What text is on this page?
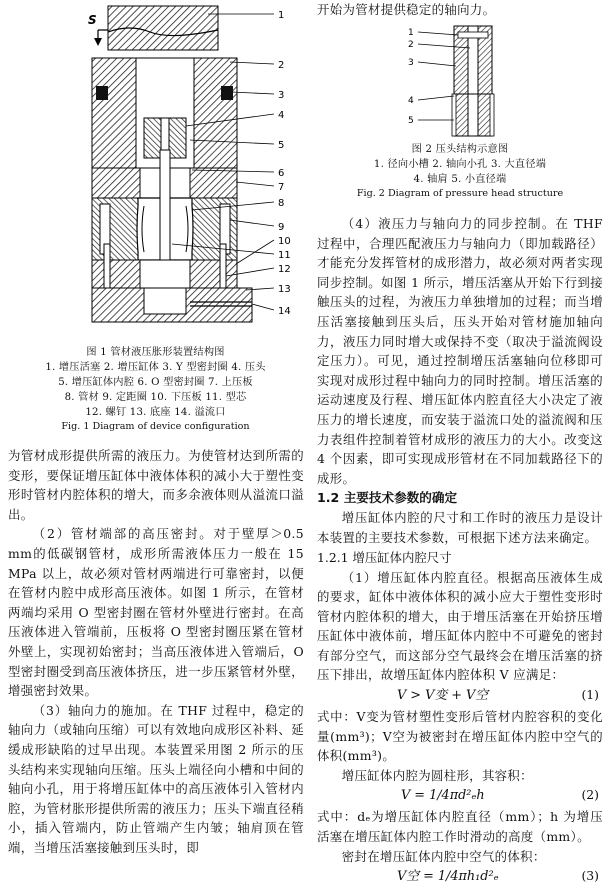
S	1
2
3
4
5
6
7
8
9
10
11
12
13
14

图 1 管材液压胀形装置结构图

1. 增压活塞 2. 增压缸体 3. Y 型密封圈 4. 压头

5. 增压缸体内腔 6. O 型密封圈 7. 上压板

8. 管材 9. 定距圈 10. 下压板 11. 型芯

12. 螺钉 13. 底座 14. 溢流口

Fig. 1 Diagram of device configuration

为管材成形提供所需的液压力。为使管材达到所需的变形，要保证增压缸体中液体体积的减小大于塑性变形时管材内腔体积的增大，而多余液体则从溢流口溢出。

（2）管材端部的高压密封。对于壁厚＞0.5 mm的低碳钢管材，成形所需液体压力一般在 15 MPa 以上，故必须对管材两端进行可靠密封，以便在管材内腔中成形高压液体。如图 1 所示，在管材两端均采用 O 型密封圈在管材外壁进行密封。在高压液体进入管端前，压板将 O 型密封圈压紧在管材外壁上，实现初始密封；当高压液体进入管端后，O 型密封圈受到高压液体挤压，进一步压紧管材外壁，增强密封效果。

（3）轴向力的施加。在 THF 过程中，稳定的轴向力（或轴向压缩）可以有效地向成形区补料、延缓成形缺陷的过早出现。本装置采用图 2 所示的压头结构来实现轴向压缩。压头上端径向小槽和中间的轴向小孔，用于将增压缸体中的高压液体引入管材内腔，为管材胀形提供所需的液压力；压头下端直径稍小，插入管端内，防止管端产生内皱；轴肩顶在管端，当增压活塞接触到压头时，即

开始为管材提供稳定的轴向力。

1
2
3
4
5

图 2 压头结构示意图

1. 径向小槽 2. 轴向小孔 3. 大直径端

4. 轴肩 5. 小直径端

Fig. 2 Diagram of pressure head structure

（4）液压力与轴向力的同步控制。在 THF 过程中，合理匹配液压力与轴向力（即加载路径）才能充分发挥管材的成形潜力，故必须对两者实现同步控制。如图 1 所示，增压活塞从开始下行到接触压头的过程，为液压力单独增加的过程；而当增压活塞接触到压头后，压头开始对管材施加轴向力，液压力同时增大或保持不变（取决于溢流阀设定压力）。可见，通过控制增压活塞轴向位移即可实现对成形过程中轴向力的同时控制。增压活塞的运动速度及行程、增压缸体内腔直径大小决定了液压力的增长速度，而安装于溢流口处的溢流阀和压力表组件控制着管材成形的液压力的大小。改变这 4 个因素，即可实现成形管材在不同加载路径下的成形。

1.2 主要技术参数的确定

增压缸体内腔的尺寸和工作时的液压力是设计本装置的主要技术参数，可根据下述方法来确定。

1.2.1 增压缸体内腔尺寸

（1）增压缸体内腔直径。根据高压液体生成的要求，缸体中液体体积的减小应大于塑性变形时管材内腔体积的增大，由于增压活塞在开始挤压增压缸体中液体前，增压缸体内腔中不可避免的密封有部分空气，而这部分空气最终会在增压活塞的挤压下排出，故增压缸体内腔体积 V 应满足：

V > V变 + V空	(1)

式中：V变为管材塑性变形后管材内腔容积的变化量(mm³)；V空为被密封在增压缸体内腔中空气的体积(mm³)。

增压缸体内腔为圆柱形，其容积：

V = 1/4πd²ₑh	(2)

式中：dₑ为增压缸体内腔直径（mm）；h 为增压活塞在增压缸体内腔工作时滑动的高度（mm）。

密封在增压缸体内腔中空气的体积：

V空 = 1/4πh₁d²ₑ	(3)
